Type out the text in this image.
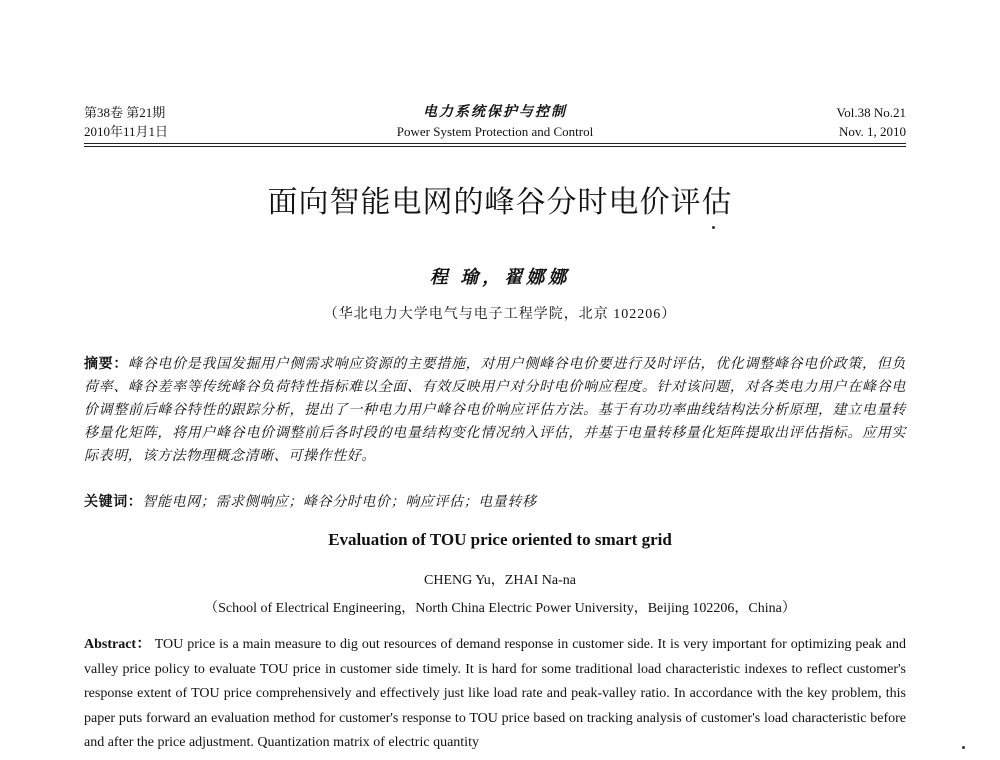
第38卷 第21期
2010年11月1日
电力系统保护与控制
Power System Protection and Control
Vol.38 No.21
Nov. 1, 2010
面向智能电网的峰谷分时电价评估
程 瑜，翟娜娜
（华北电力大学电气与电子工程学院，北京 102206）
摘要：峰谷电价是我国发掘用户侧需求响应资源的主要措施，对用户侧峰谷电价要进行及时评估，优化调整峰谷电价政策，但负荷率、峰谷差率等传统峰谷负荷特性指标难以全面、有效反映用户对分时电价响应程度。针对该问题，对各类电力用户在峰谷电价调整前后峰谷特性的跟踪分析，提出了一种电力用户峰谷电价响应评估方法。基于有功功率曲线结构法分析原理，建立电量转移量化矩阵，将用户峰谷电价调整前后各时段的电量结构变化情况纳入评估，并基于电量转移量化矩阵提取出评估指标。应用实际表明，该方法物理概念清晰、可操作性好。
关键词：智能电网；需求侧响应；峰谷分时电价；响应评估；电量转移
Evaluation of TOU price oriented to smart grid
CHENG Yu，ZHAI Na-na
（School of Electrical Engineering，North China Electric Power University，Beijing 102206，China）
Abstract： TOU price is a main measure to dig out resources of demand response in customer side. It is very important for optimizing peak and valley price policy to evaluate TOU price in customer side timely. It is hard for some traditional load characteristic indexes to reflect customer's response extent of TOU price comprehensively and effectively just like load rate and peak-valley ratio. In accordance with the key problem, this paper puts forward an evaluation method for customer's response to TOU price based on tracking analysis of customer's load characteristic before and after the price adjustment. Quantization matrix of electric quantity
